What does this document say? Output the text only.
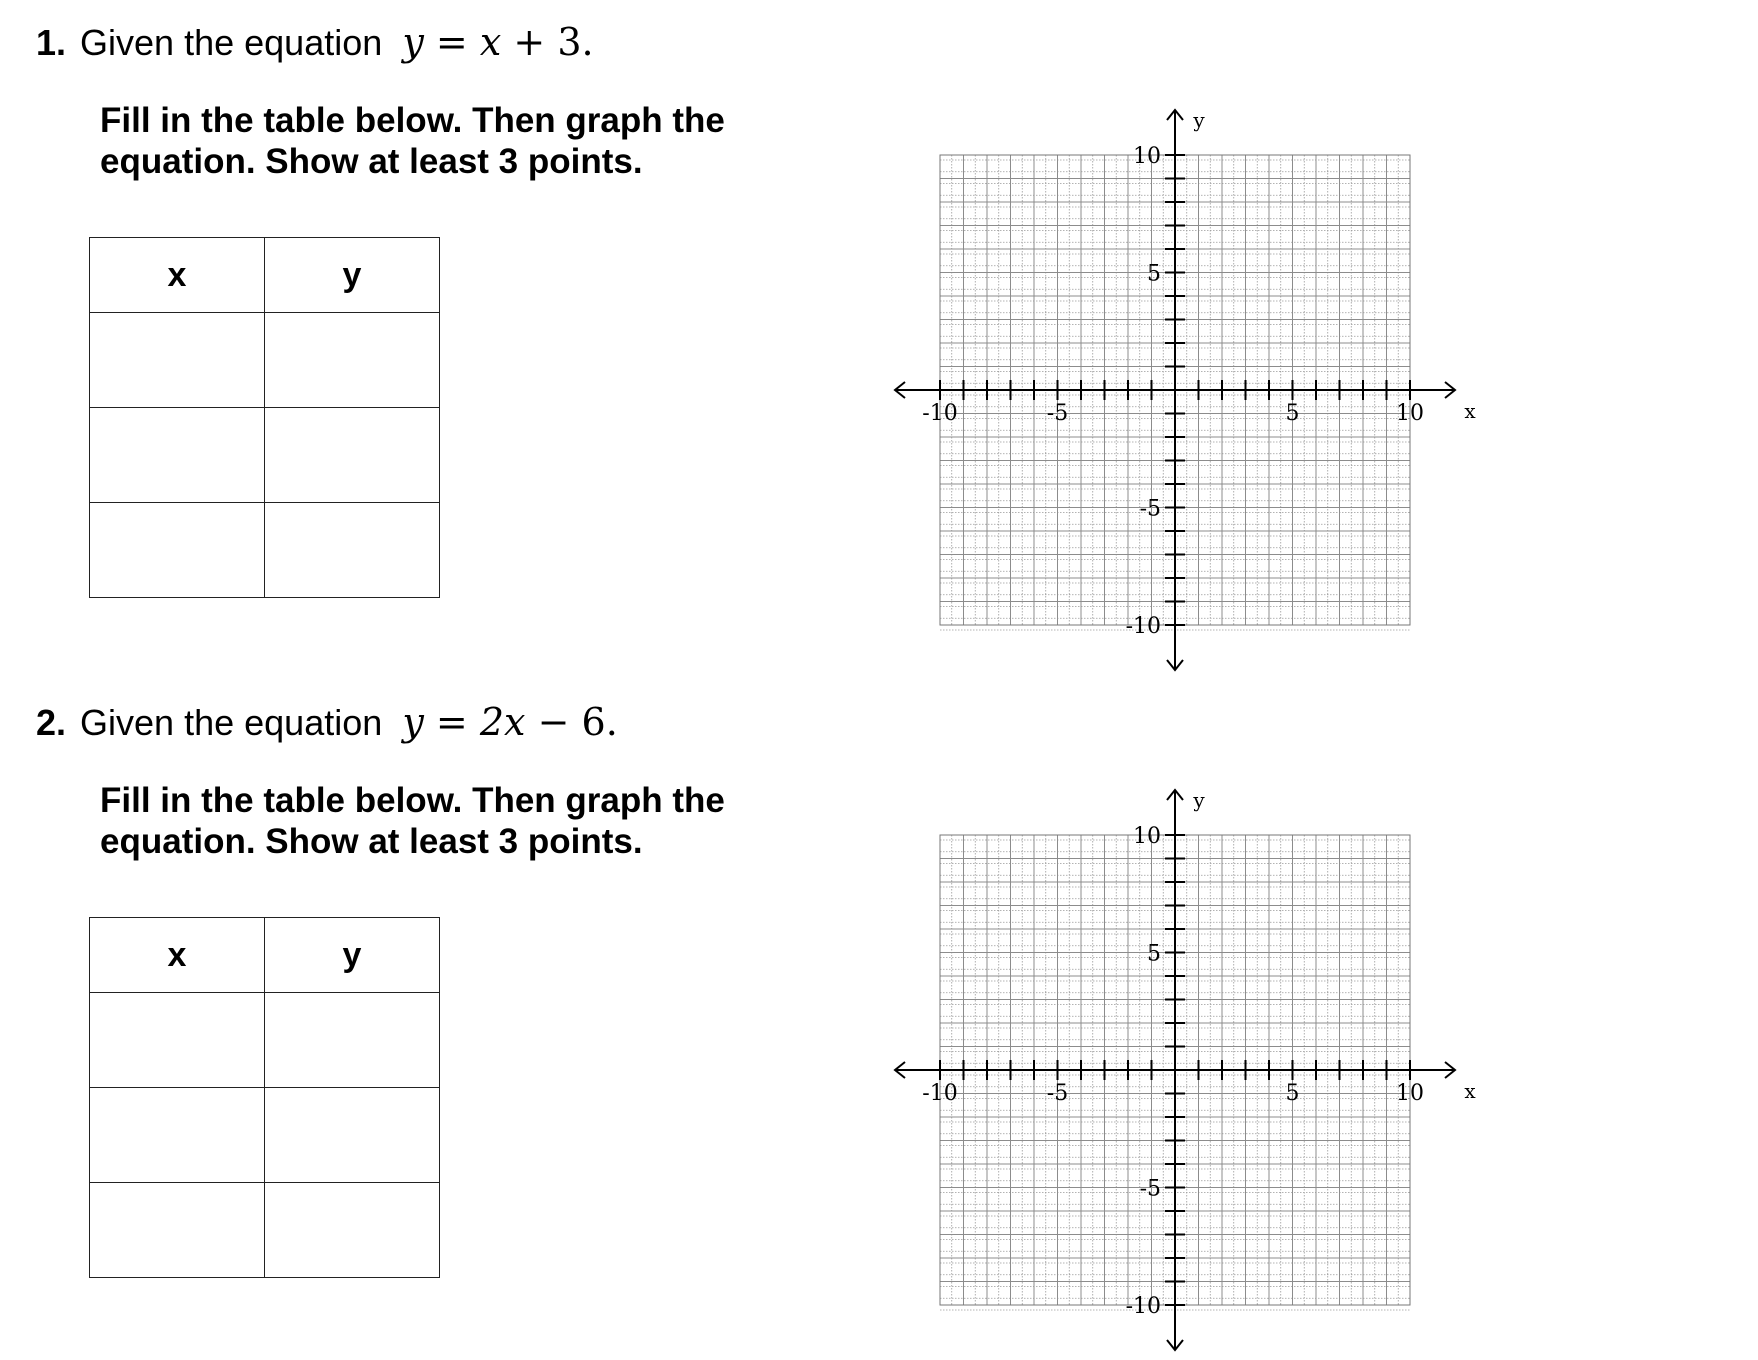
1. Given the equation y = x + 3.
Fill in the table below. Then graph the
equation. Show at least 3 points.
x	y

-10	-5	5	10
10
5
-5
-10
x
y
2. Given the equation y = 2x − 6.
Fill in the table below. Then graph the
equation. Show at least 3 points.
x	y

-10	-5	5	10
10
5
-5
-10
x
y
